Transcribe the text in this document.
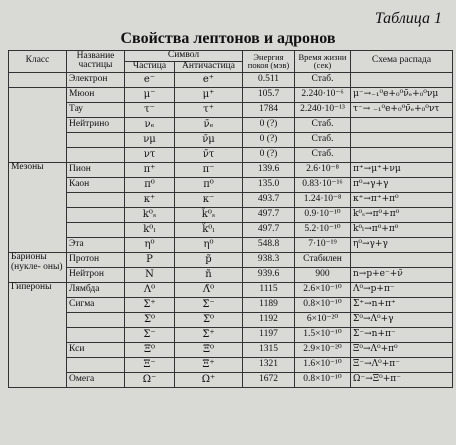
Таблица 1
Свойства лептонов и адронов
Класс	Название частицы	Символ		Энергия покоя (мэв)	Время жизни (сек)	Схема распада
		Частица	Античастица			
	Электрон	e⁻	e⁺	0.511	Стаб.	
	Мюон	μ⁻	μ⁺	105.7	2.240·10⁻⁶	μ⁻→₋₁⁰e+₀⁰ν̄ₑ+₀⁰νμ
	Тау	τ⁻	τ⁺	1784	2.240·10⁻¹³	τ⁻→ ₋₁⁰e+₀⁰ν̄ₑ+₀⁰ντ
	Нейтрино	νₑ	ν̄ₑ	0 (?)	Стаб.	
		νμ	ν̄μ	0 (?)	Стаб.	
		ντ	ν̄τ	0 (?)	Стаб.	
Мезоны	Пион	π⁺	π⁻	139.6	2.6·10⁻⁸	π⁺→μ⁺+νμ
	Каон	π⁰	π⁰	135.0	0.83·10⁻¹⁶	π⁰→γ+γ
		κ⁺	κ⁻	493.7	1.24·10⁻⁸	κ⁺→π⁺+π⁰
		k⁰ₛ	k̃⁰ₛ	497.7	0.9·10⁻¹⁰	k⁰ₛ→π⁰+π⁰
		k⁰ₗ	k̃⁰ₗ	497.7	5.2·10⁻¹⁰	k⁰ₗ→π⁰+π⁰
	Эта	η⁰	η⁰	548.8	7·10⁻¹⁹	η⁰→γ+γ
Барионы (нукле- оны)	Протон	P	p̃	938.3	Стабилен	
	Нейтрон	N	ñ	939.6	900	n→p+e⁻+ν̄
Гипероны	Лямбда	Λ⁰	Λ̄⁰	1115	2.6×10⁻¹⁰	Λ⁰→p+π⁻
	Сигма	Σ⁺	Σ̄⁻	1189	0.8×10⁻¹⁰	Σ⁺→n+π⁺
		Σ⁰	Σ̄⁰	1192	6×10⁻²⁰	Σ⁰→Λ⁰+γ
		Σ⁻	Σ̄⁺	1197	1.5×10⁻¹⁰	Σ⁻→n+π⁻
	Кси	Ξ⁰	Ξ̄⁰	1315	2.9×10⁻²⁰	Ξ⁰→Λ⁰+π⁰
		Ξ⁻	Ξ̄⁺	1321	1.6×10⁻¹⁰	Ξ⁻→Λ⁰+π⁻
	Омега	Ω⁻	Ω⁺	1672	0.8×10⁻¹⁰	Ω⁻→Ξ⁰+π⁻
